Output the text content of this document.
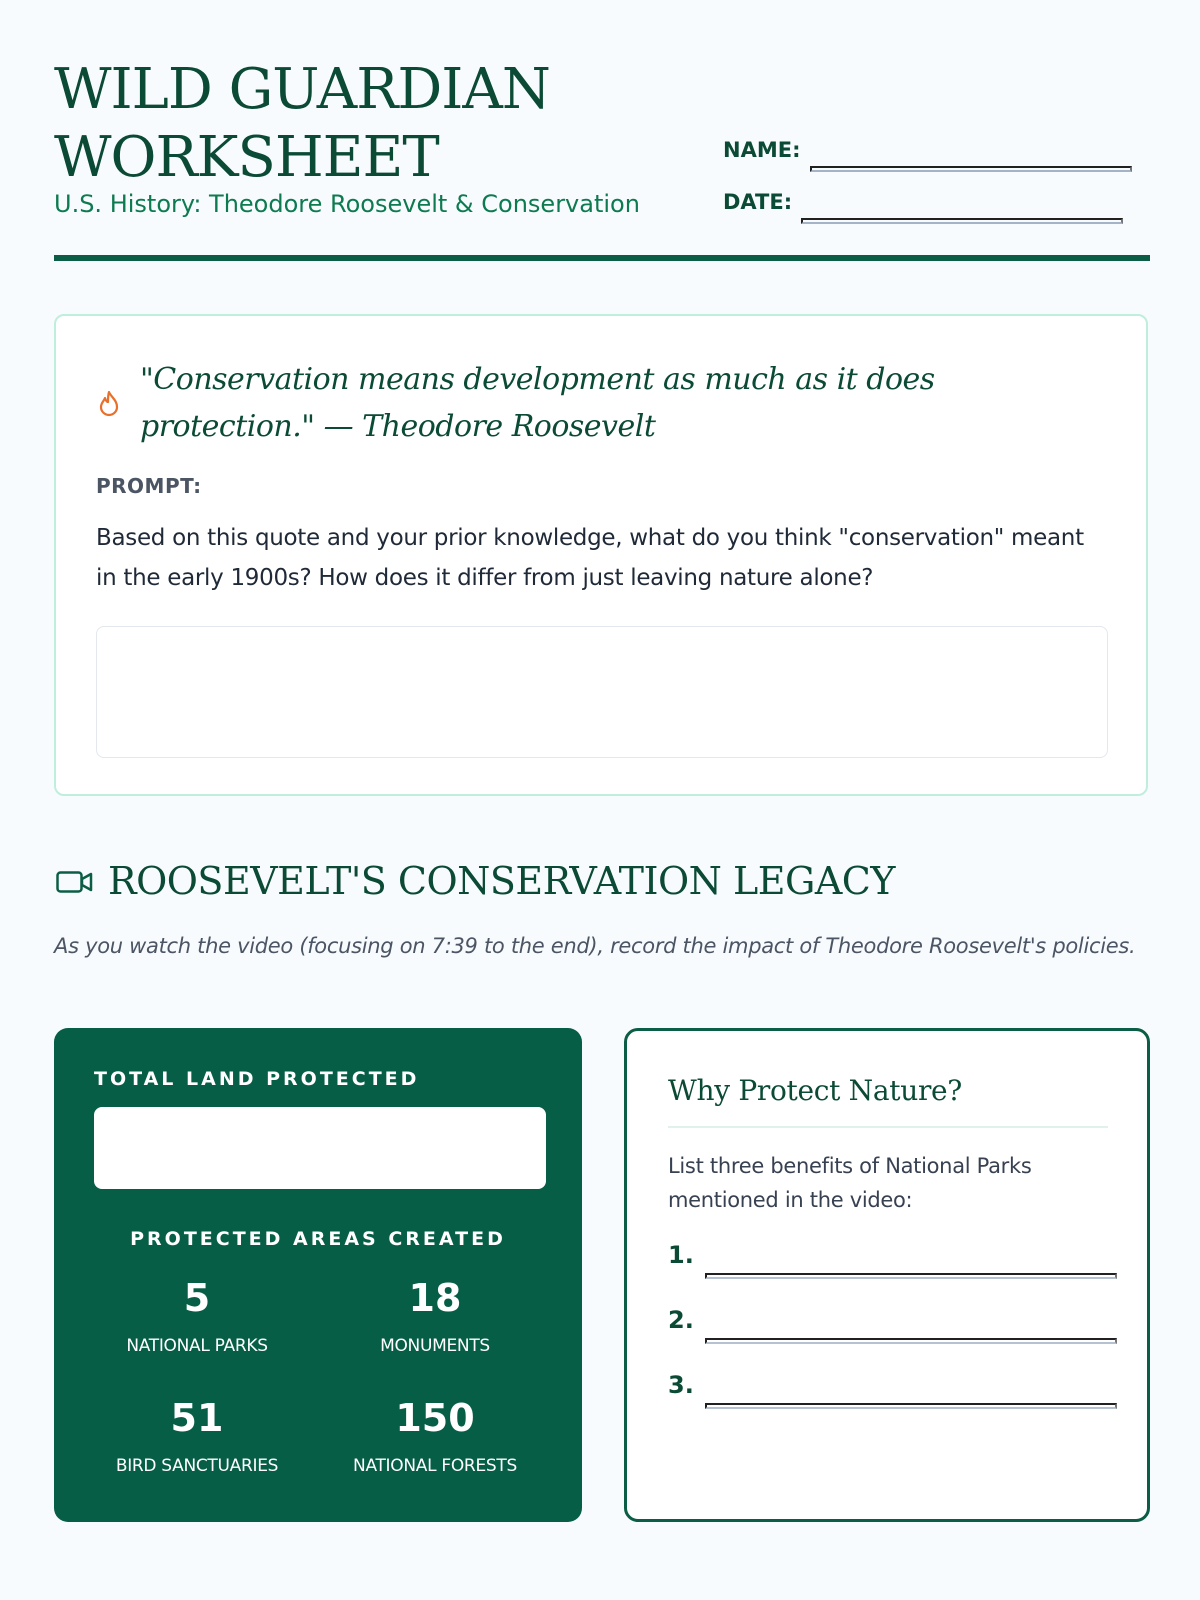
WILD GUARDIAN WORKSHEET
U.S. History: Theodore Roosevelt & Conservation
NAME:
DATE:
"Conservation means development as much as it does protection." — Theodore Roosevelt
PROMPT:
Based on this quote and your prior knowledge, what do you think "conservation" meant in the early 1900s? How does it differ from just leaving nature alone?
ROOSEVELT'S CONSERVATION LEGACY
As you watch the video (focusing on 7:39 to the end), record the impact of Theodore Roosevelt's policies.
TOTAL LAND PROTECTED
PROTECTED AREAS CREATED
5
NATIONAL PARKS
18
MONUMENTS
51
BIRD SANCTUARIES
150
NATIONAL FORESTS
Why Protect Nature?
List three benefits of National Parks mentioned in the video:
1.
2.
3.
